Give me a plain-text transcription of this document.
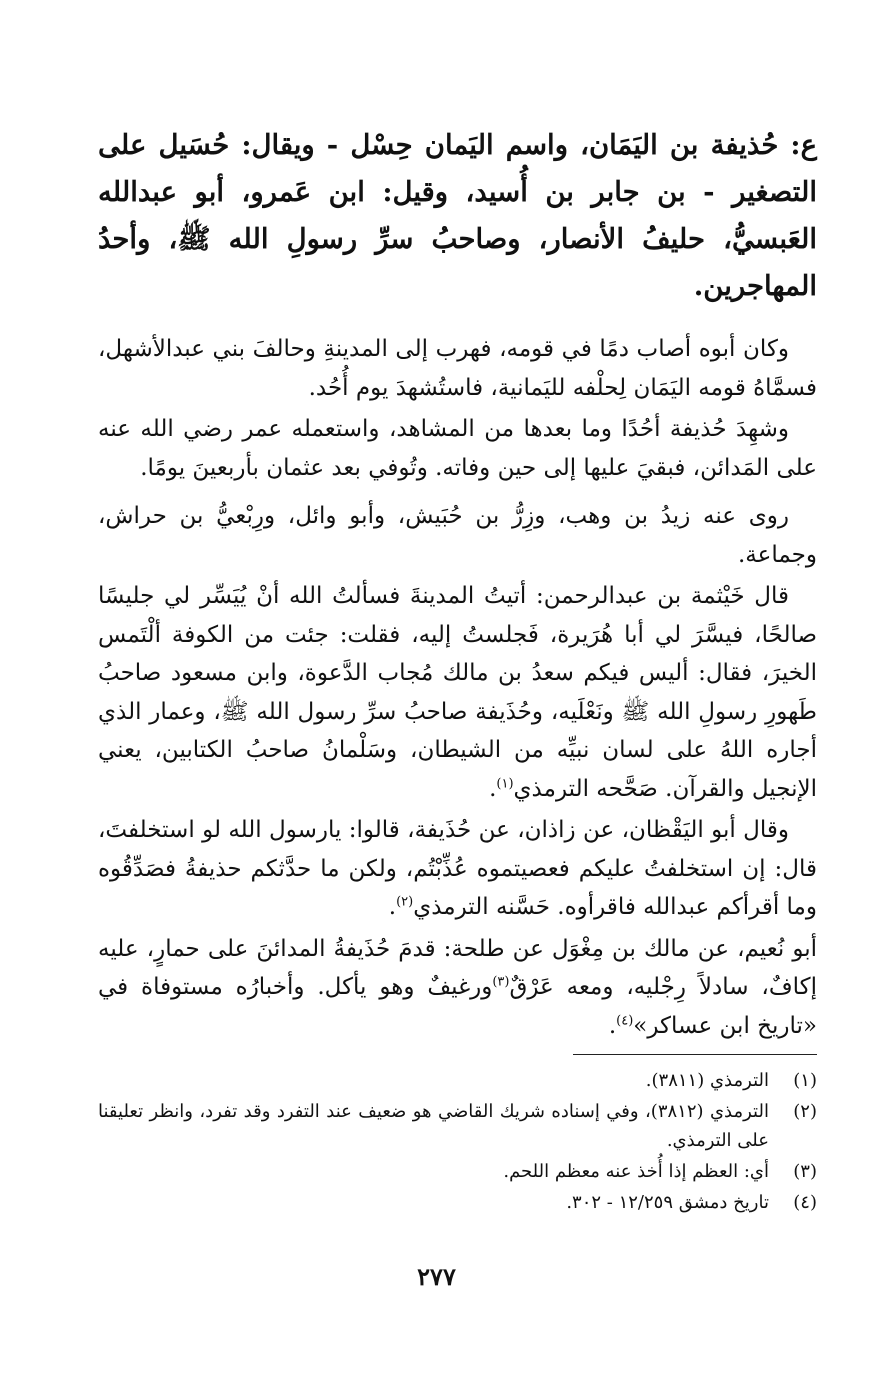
ع: حُذيفة بن اليَمَان، واسم اليَمان حِسْل - ويقال: حُسَيل على التصغير - بن جابر بن أُسيد، وقيل: ابن عَمرو، أبو عبدالله العَبسيُّ، حليفُ الأنصار، وصاحبُ سرِّ رسولِ الله ﷺ، وأحدُ المهاجرين.

وكان أبوه أصاب دمًا في قومه، فهرب إلى المدينةِ وحالفَ بني عبدالأشهل، فسمَّاهُ قومه اليَمَان لِحلْفه لليَمانية، فاستُشهدَ يوم أُحُد.

وشهِدَ حُذيفة أحُدًا وما بعدها من المشاهد، واستعمله عمر رضي الله عنه على المَدائن، فبقيَ عليها إلى حين وفاته. وتُوفي بعد عثمان بأربعينَ يومًا.

روى عنه زيدُ بن وهب، وزِرُّ بن حُبَيش، وأبو وائل، ورِبْعيُّ بن حراش، وجماعة.

قال خَيْثمة بن عبدالرحمن: أتيتُ المدينةَ فسألتُ الله أنْ يُيَسِّر لي جليسًا صالحًا، فيسَّرَ لي أبا هُرَيرة، فَجلستُ إليه، فقلت: جئت من الكوفة ألْتَمس الخيرَ، فقال: أليس فيكم سعدُ بن مالك مُجاب الدَّعوة، وابن مسعود صاحبُ طَهورِ رسولِ الله ﷺ ونَعْلَيه، وحُذَيفة صاحبُ سرِّ رسول الله ﷺ، وعمار الذي أجاره اللهُ على لسان نبيِّه من الشيطان، وسَلْمانُ صاحبُ الكتابين، يعني الإنجيل والقرآن. صَحَّحه الترمذي$^{(١)}$.

وقال أبو اليَقْظان، عن زاذان، عن حُذَيفة، قالوا: يارسول الله لو استخلفتَ، قال: إن استخلفتُ عليكم فعصيتموه عُذِّبْتُم، ولكن ما حدَّثكم حذيفةُ فصَدِّقُوه وما أقرأكم عبدالله فاقرأوه. حَسَّنه الترمذي$^{(٢)}$.

أبو نُعيم، عن مالك بن مِغْوَل عن طلحة: قدمَ حُذَيفةُ المدائنَ على حمارٍ، عليه إكافٌ، سادلاً رِجْليه، ومعه عَرْقٌ$^{(٣)}$ورغيفٌ وهو يأكل. وأخبارُه مستوفاة في «تاريخ ابن عساكر»$^{(٤)}$.

(١)
الترمذي (٣٨١١).
(٢)
الترمذي (٣٨١٢)، وفي إسناده شريك القاضي هو ضعيف عند التفرد وقد تفرد، وانظر تعليقنا على الترمذي.
(٣)
أي: العظم إذا أُخذ عنه معظم اللحم.
(٤)
تاريخ دمشق ١٢/٢٥٩ - ٣٠٢.
٢٧٧
